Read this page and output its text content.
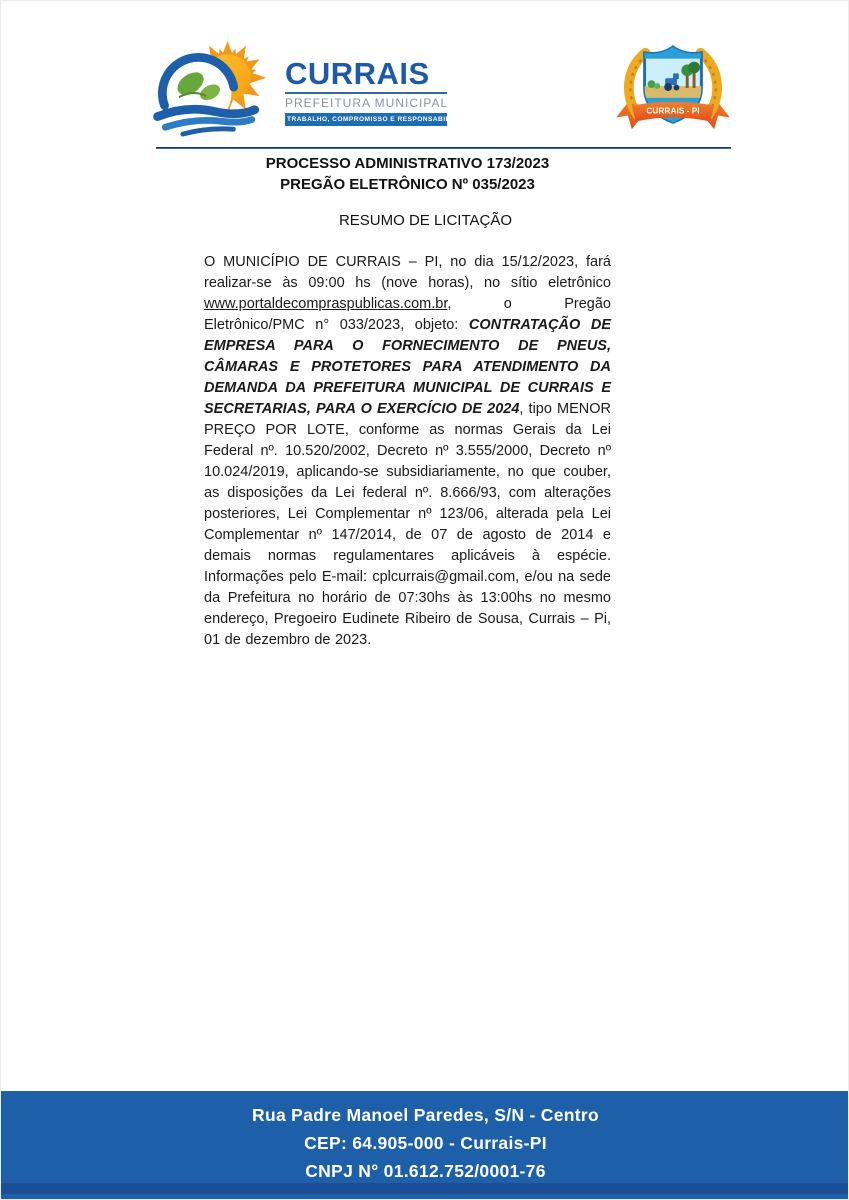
CURRAIS
PREFEITURA MUNICIPAL
TRABALHO, COMPROMISSO E RESPONSABILIDADE
CURRAIS - PI
PROCESSO ADMINISTRATIVO 173/2023
PREGÃO ELETRÔNICO Nº 035/2023
RESUMO DE LICITAÇÃO

O MUNICÍPIO DE CURRAIS – PI, no dia 15/12/2023, fará realizar-se às 09:00 hs (nove horas), no sítio eletrônico www.portaldecompraspublicas.com.br, o Pregão Eletrônico/PMC n° 033/2023, objeto: CONTRATAÇÃO DE EMPRESA PARA O FORNECIMENTO DE PNEUS, CÂMARAS E PROTETORES PARA ATENDIMENTO DA DEMANDA DA PREFEITURA MUNICIPAL DE CURRAIS E SECRETARIAS, PARA O EXERCÍCIO DE 2024, tipo MENOR PREÇO POR LOTE, conforme as normas Gerais da Lei Federal nº. 10.520/2002, Decreto nº 3.555/2000, Decreto nº 10.024/2019, aplicando-se subsidiariamente, no que couber, as disposições da Lei federal nº. 8.666/93, com alterações posteriores, Lei Complementar nº 123/06, alterada pela Lei Complementar nº 147/2014, de 07 de agosto de 2014 e demais normas regulamentares aplicáveis à espécie. Informações pelo E-mail: cplcurrais@gmail.com, e/ou na sede da Prefeitura no horário de 07:30hs às 13:00hs no mesmo endereço, Pregoeiro Eudinete Ribeiro de Sousa, Currais – Pi, 01 de dezembro de 2023.

Rua Padre Manoel Paredes, S/N - Centro
CEP: 64.905-000 - Currais-PI
CNPJ N° 01.612.752/0001-76
